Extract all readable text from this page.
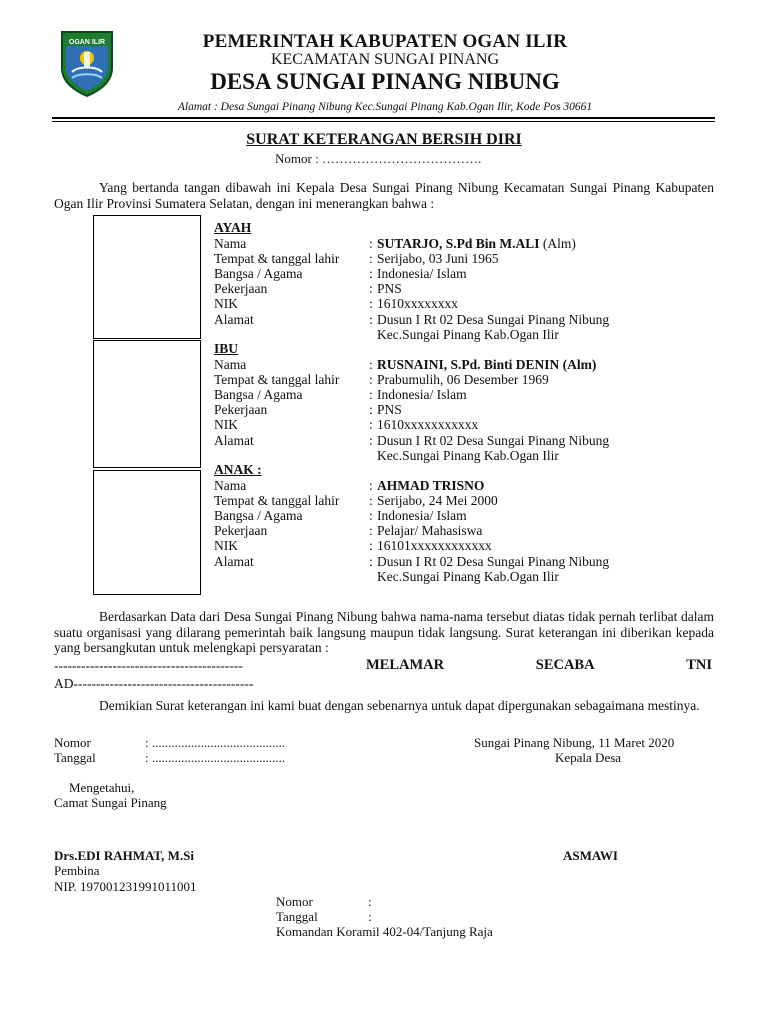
OGAN ILIR	PEMERINTAH KABUPATEN OGAN ILIR
KECAMATAN SUNGAI PINANG
DESA SUNGAI PINANG NIBUNG
Alamat : Desa Sungai Pinang Nibung Kec.Sungai Pinang Kab.Ogan Ilir, Kode Pos 30661
SURAT KETERANGAN BERSIH DIRI
Nomor : ……………………………….
Yang bertanda tangan dibawah ini Kepala Desa Sungai Pinang Nibung Kecamatan Sungai Pinang Kabupaten Ogan Ilir Provinsi Sumatera Selatan, dengan ini menerangkan bahwa :
AYAH
Nama	: SUTARJO, S.Pd Bin M.ALI (Alm)
Tempat & tanggal lahir : Serijabo, 03 Juni 1965
Bangsa / Agama	: Indonesia/ Islam
Pekerjaan	: PNS
NIK	: 1610xxxxxxxx
Alamat	: Dusun I Rt 02 Desa Sungai Pinang Nibung
Kec.Sungai Pinang Kab.Ogan Ilir
IBU
Nama	: RUSNAINI, S.Pd. Binti DENIN (Alm)
Tempat & tanggal lahir : Prabumulih, 06 Desember 1969
Bangsa / Agama	: Indonesia/ Islam
Pekerjaan	: PNS
NIK	: 1610xxxxxxxxxxx
Alamat	: Dusun I Rt 02 Desa Sungai Pinang Nibung
Kec.Sungai Pinang Kab.Ogan Ilir
ANAK :
Nama	: AHMAD TRISNO
Tempat & tanggal lahir : Serijabo, 24 Mei 2000
Bangsa / Agama	: Indonesia/ Islam
Pekerjaan	: Pelajar/ Mahasiswa
NIK	: 16101xxxxxxxxxxxx
Alamat	: Dusun I Rt 02 Desa Sungai Pinang Nibung
Kec.Sungai Pinang Kab.Ogan Ilir
Berdasarkan Data dari Desa Sungai Pinang Nibung bahwa nama-nama tersebut diatas tidak pernah terlibat dalam suatu organisasi yang dilarang pemerintah baik langsung maupun tidak langsung. Surat keterangan ini diberikan kepada yang bersangkutan untuk melengkapi persyaratan :
------------------------------------------	MELAMAR	SECABA	TNI
AD----------------------------------------
Demikian Surat keterangan ini kami buat dengan sebenarnya untuk dapat dipergunakan sebagaimana mestinya.
Nomor	: .........................................
Tanggal	: .........................................
Sungai Pinang Nibung, 11 Maret 2020
Kepala Desa
Mengetahui,
Camat Sungai Pinang
Drs.EDI RAHMAT, M.Si
Pembina
NIP. 197001231991011001
ASMAWI
Nomor	:
Tanggal	:
Komandan Koramil 402-04/Tanjung Raja
